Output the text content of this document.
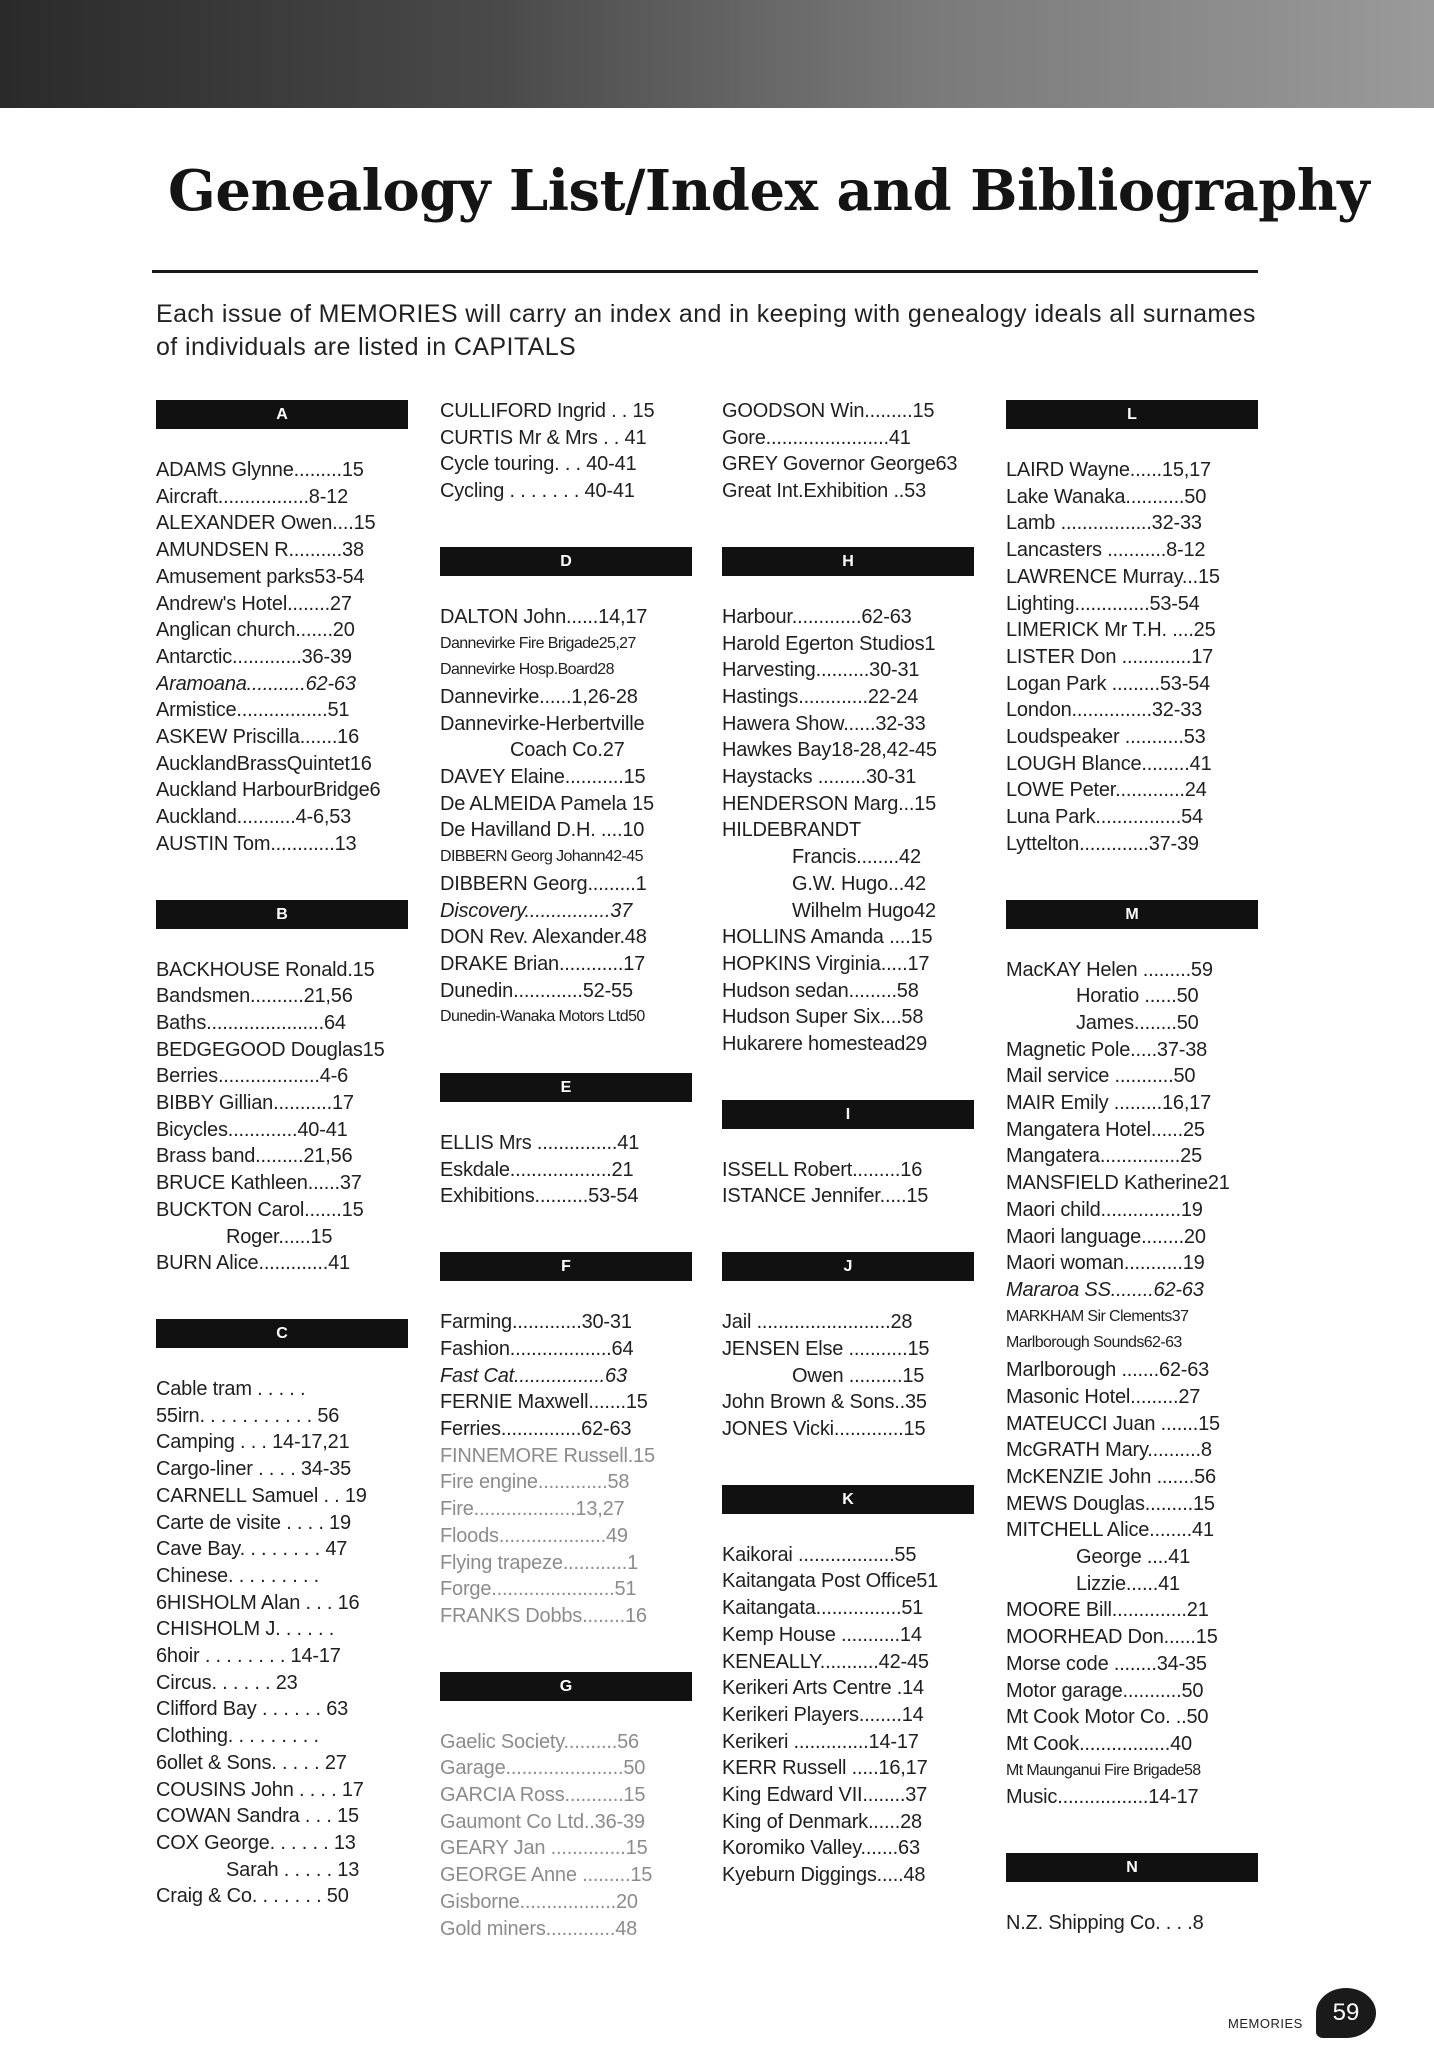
Genealogy List/Index and Bibliography
Each issue of MEMORIES will carry an index and in keeping with genealogy ideals all surnames of individuals are listed in CAPITALS
A
ADAMS Glynne.........15
Aircraft.................8-12
ALEXANDER Owen....15
AMUNDSEN R..........38
Amusement parks53-54
Andrew's Hotel........27
Anglican church.......20
Antarctic.............36-39
Aramoana...........62-63
Armistice.................51
ASKEW Priscilla.......16
AucklandBrassQuintet16
Auckland HarbourBridge6
Auckland...........4-6,53
AUSTIN Tom............13
B
BACKHOUSE Ronald.15
Bandsmen..........21,56
Baths......................64
BEDGEGOOD Douglas15
Berries...................4-6
BIBBY Gillian...........17
Bicycles.............40-41
Brass band.........21,56
BRUCE Kathleen......37
BUCKTON Carol.......15
Roger......15
BURN Alice.............41
C
Cable tram . . . . .
55irn. . . . . . . . . . . 56
Camping . . . 14-17,21
Cargo-liner . . . . 34-35
CARNELL Samuel . . 19
Carte de visite . . . . 19
Cave Bay. . . . . . . . 47
Chinese. . . . . . . . .
6HISHOLM Alan . . . 16
CHISHOLM J. . . . . .
6hoir . . . . . . . . 14-17
Circus. . . . . . 23
Clifford Bay . . . . . . 63
Clothing. . . . . . . . .
6ollet & Sons. . . . . 27
COUSINS John . . . . 17
COWAN Sandra . . . 15
COX George. . . . . . 13
Sarah . . . . . 13
Craig & Co. . . . . . . 50
CULLIFORD Ingrid . . 15
CURTIS Mr & Mrs . . 41
Cycle touring. . . 40-41
Cycling . . . . . . . 40-41
D
DALTON John......14,17
Dannevirke Fire Brigade25,27
Dannevirke Hosp.Board28
Dannevirke......1,26-28
Dannevirke-Herbertville
Coach Co.27
DAVEY Elaine...........15
De ALMEIDA Pamela 15
De Havilland D.H. ....10
DIBBERN Georg Johann42-45
DIBBERN Georg.........1
Discovery................37
DON Rev. Alexander.48
DRAKE Brian............17
Dunedin.............52-55
Dunedin-Wanaka Motors Ltd50
E
ELLIS Mrs ...............41
Eskdale...................21
Exhibitions..........53-54
F
Farming.............30-31
Fashion...................64
Fast Cat.................63
FERNIE Maxwell.......15
Ferries...............62-63
FINNEMORE Russell.15
Fire engine.............58
Fire...................13,27
Floods....................49
Flying trapeze............1
Forge.......................51
FRANKS Dobbs........16
G
Gaelic Society..........56
Garage......................50
GARCIA Ross...........15
Gaumont Co Ltd..36-39
GEARY Jan ..............15
GEORGE Anne .........15
Gisborne..................20
Gold miners.............48
GOODSON Win.........15
Gore.......................41
GREY Governor George63
Great Int.Exhibition ..53
H
Harbour.............62-63
Harold Egerton Studios1
Harvesting..........30-31
Hastings.............22-24
Hawera Show......32-33
Hawkes Bay18-28,42-45
Haystacks .........30-31
HENDERSON Marg...15
HILDEBRANDT
Francis........42
G.W. Hugo...42
Wilhelm Hugo42
HOLLINS Amanda ....15
HOPKINS Virginia.....17
Hudson sedan.........58
Hudson Super Six....58
Hukarere homestead29
I
ISSELL Robert.........16
ISTANCE Jennifer.....15
J
Jail .........................28
JENSEN Else ...........15
Owen ..........15
John Brown & Sons..35
JONES Vicki.............15
K
Kaikorai ..................55
Kaitangata Post Office51
Kaitangata................51
Kemp House ...........14
KENEALLY...........42-45
Kerikeri Arts Centre .14
Kerikeri Players........14
Kerikeri ..............14-17
KERR Russell .....16,17
King Edward VII........37
King of Denmark......28
Koromiko Valley.......63
Kyeburn Diggings.....48
L
LAIRD Wayne......15,17
Lake Wanaka...........50
Lamb .................32-33
Lancasters ...........8-12
LAWRENCE Murray...15
Lighting..............53-54
LIMERICK Mr T.H. ....25
LISTER Don .............17
Logan Park .........53-54
London...............32-33
Loudspeaker ...........53
LOUGH Blance.........41
LOWE Peter.............24
Luna Park................54
Lyttelton.............37-39
M
MacKAY Helen .........59
Horatio ......50
James........50
Magnetic Pole.....37-38
Mail service ...........50
MAIR Emily .........16,17
Mangatera Hotel......25
Mangatera...............25
MANSFIELD Katherine21
Maori child...............19
Maori language........20
Maori woman...........19
Mararoa SS........62-63
MARKHAM Sir Clements37
Marlborough Sounds62-63
Marlborough .......62-63
Masonic Hotel.........27
MATEUCCI Juan .......15
McGRATH Mary..........8
McKENZIE John .......56
MEWS Douglas.........15
MITCHELL Alice........41
George ....41
Lizzie......41
MOORE Bill..............21
MOORHEAD Don......15
Morse code ........34-35
Motor garage...........50
Mt Cook Motor Co. ..50
Mt Cook.................40
Mt Maunganui Fire Brigade58
Music.................14-17
N
N.Z. Shipping Co. . . .8
MEMORIES	59
